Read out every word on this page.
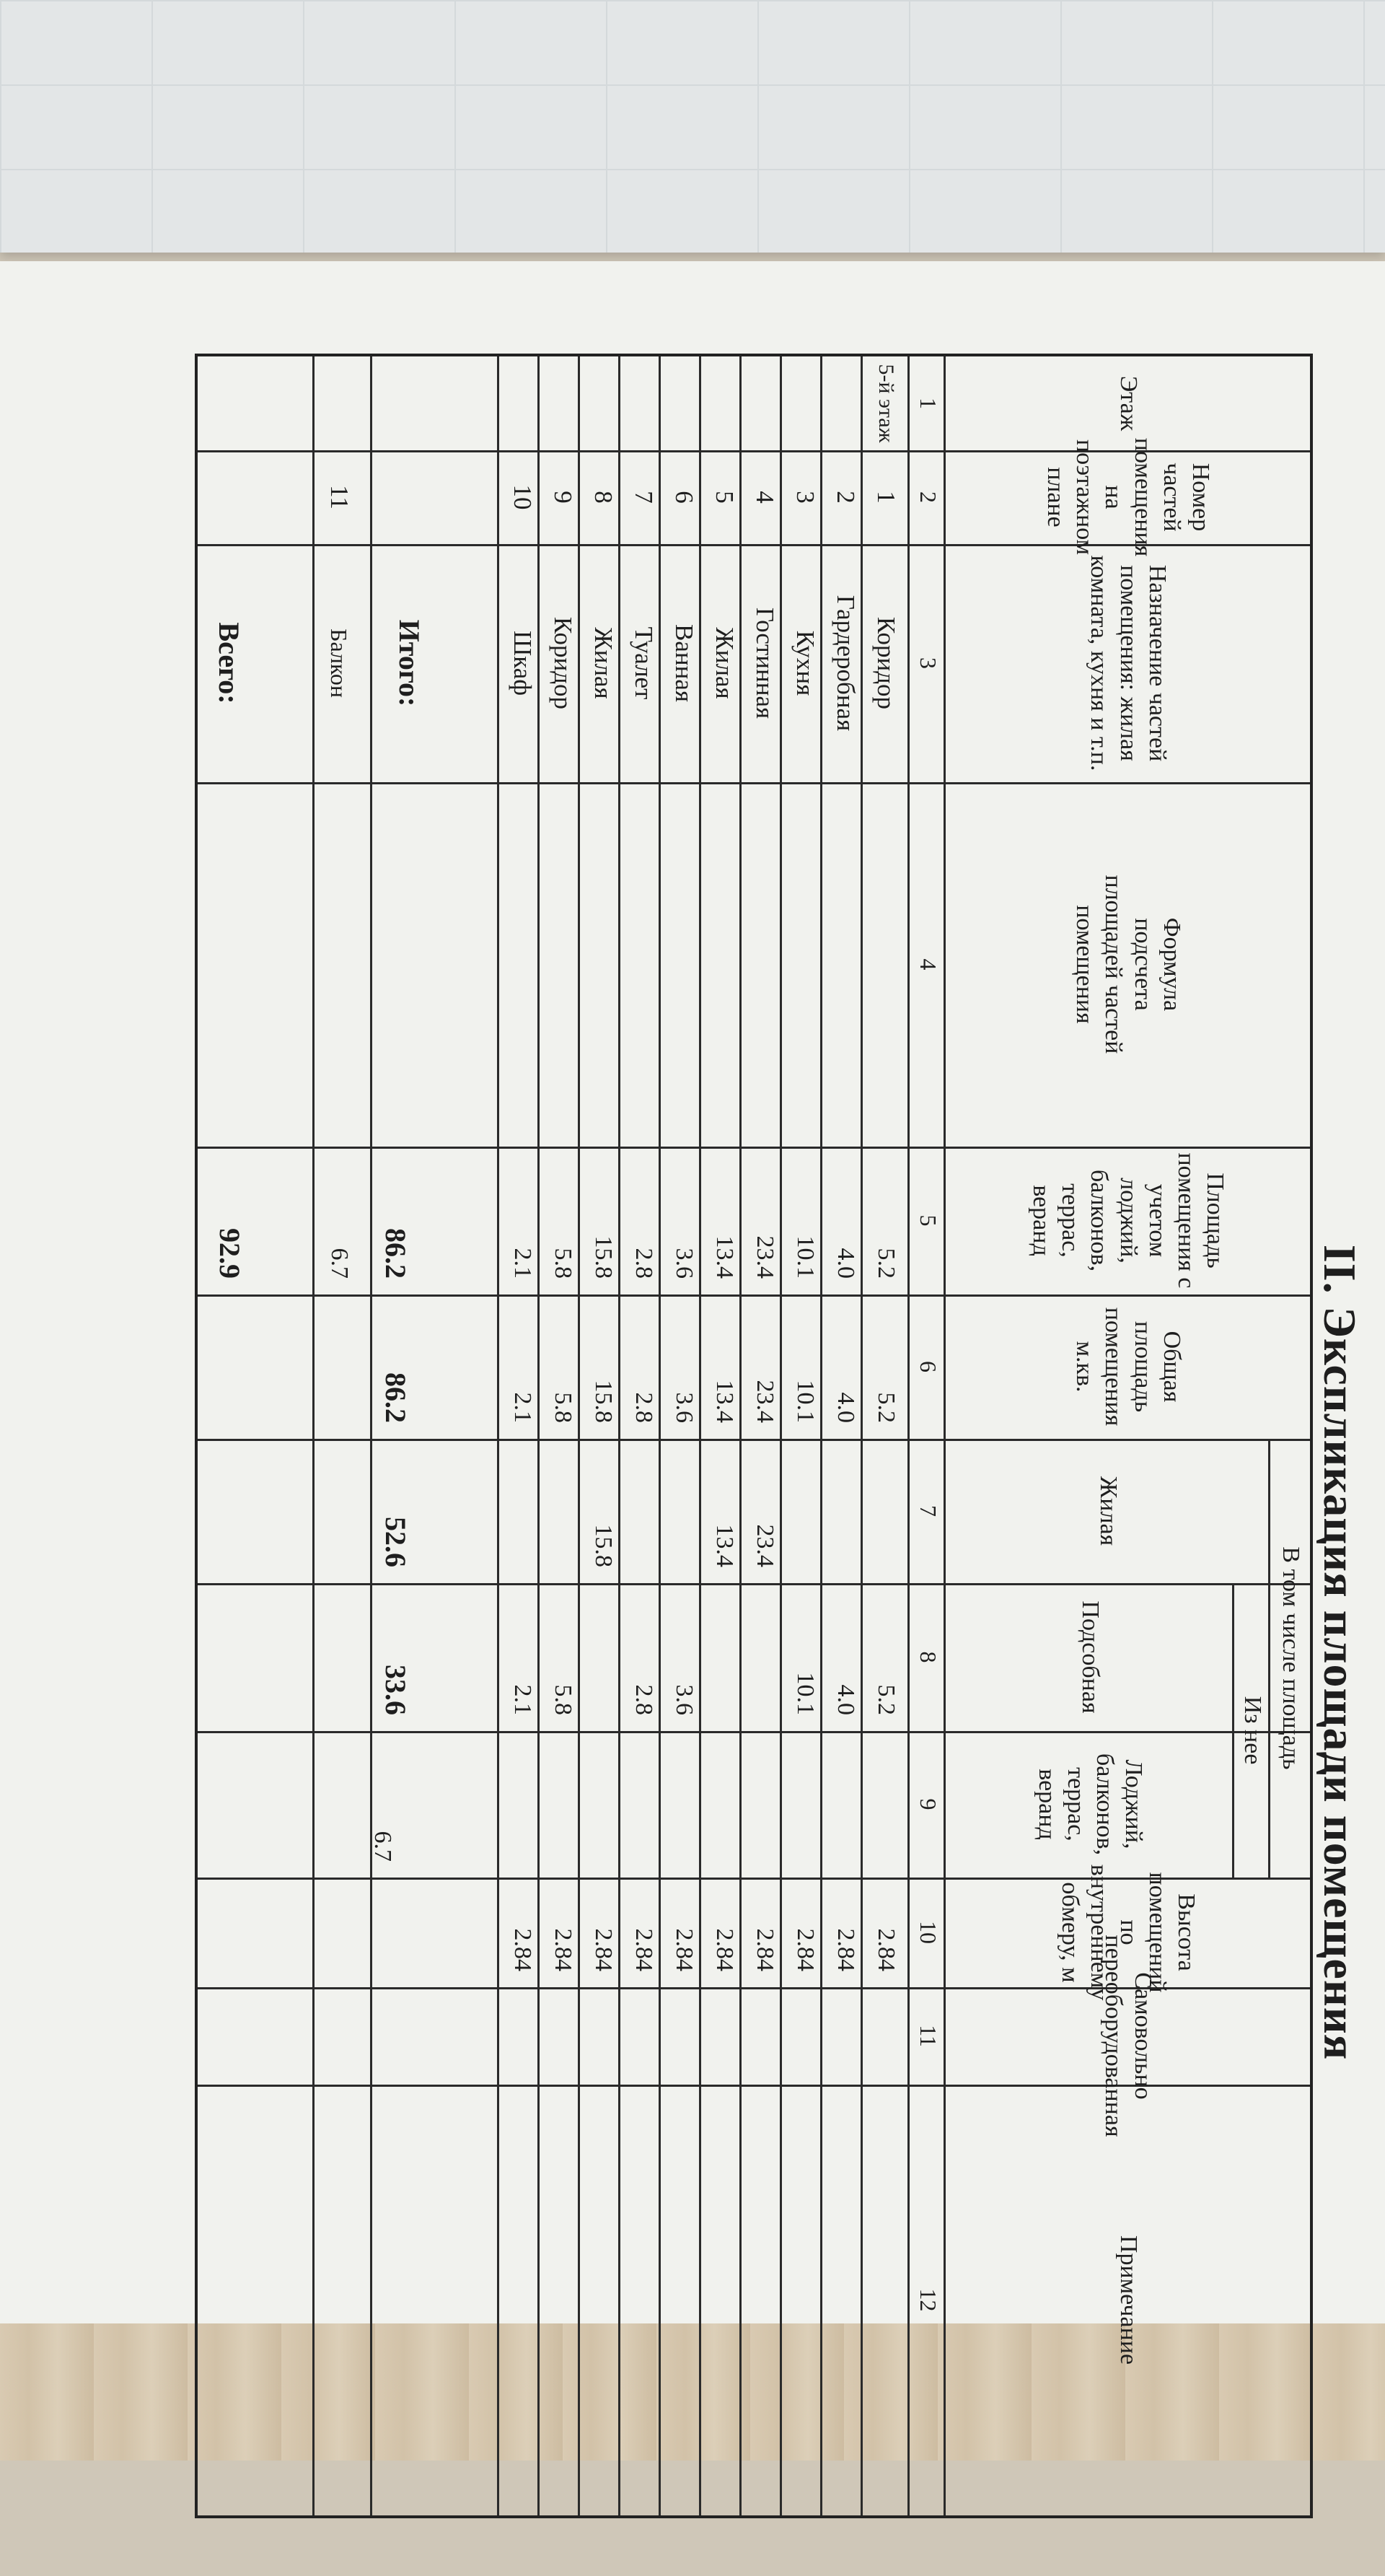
II. Экспликация площади помещения
Этаж
Номер частей помещения на поэтажном плане
Назначение частей помещения: жилая комната, кухня и т.п.
Формула подсчета площадей частей помещения
Площадь помещения с учетом лоджий, балконов, террас, веранд
Общая площадь помещения м.кв.
В том числе площадь
Из нее
Жилая
Подсобная
Лоджий, балконов, террас, веранд
Высота помещений по внутреннему обмеру, м
Самовольно переоборудованная
Примечание
1
2
3
4
5
6
7
8
9
10
11
12
5-й этаж
1
Коридор
5.2
5.2
5.2
2.84
2
Гардеробная
4.0
4.0
4.0
2.84
3
Кухня
10.1
10.1
10.1
2.84
4
Гостинная
23.4
23.4
23.4
2.84
5
Жилая
13.4
13.4
13.4
2.84
6
Ванная
3.6
3.6
3.6
2.84
7
Туалет
2.8
2.8
2.8
2.84
8
Жилая
15.8
15.8
15.8
2.84
9
Коридор
5.8
5.8
5.8
2.84
10
Шкаф
2.1
2.1
2.1
2.84
Итого:
86.2
86.2
52.6
33.6
11
Балкон
6.7
6.7
Всего:
92.9
